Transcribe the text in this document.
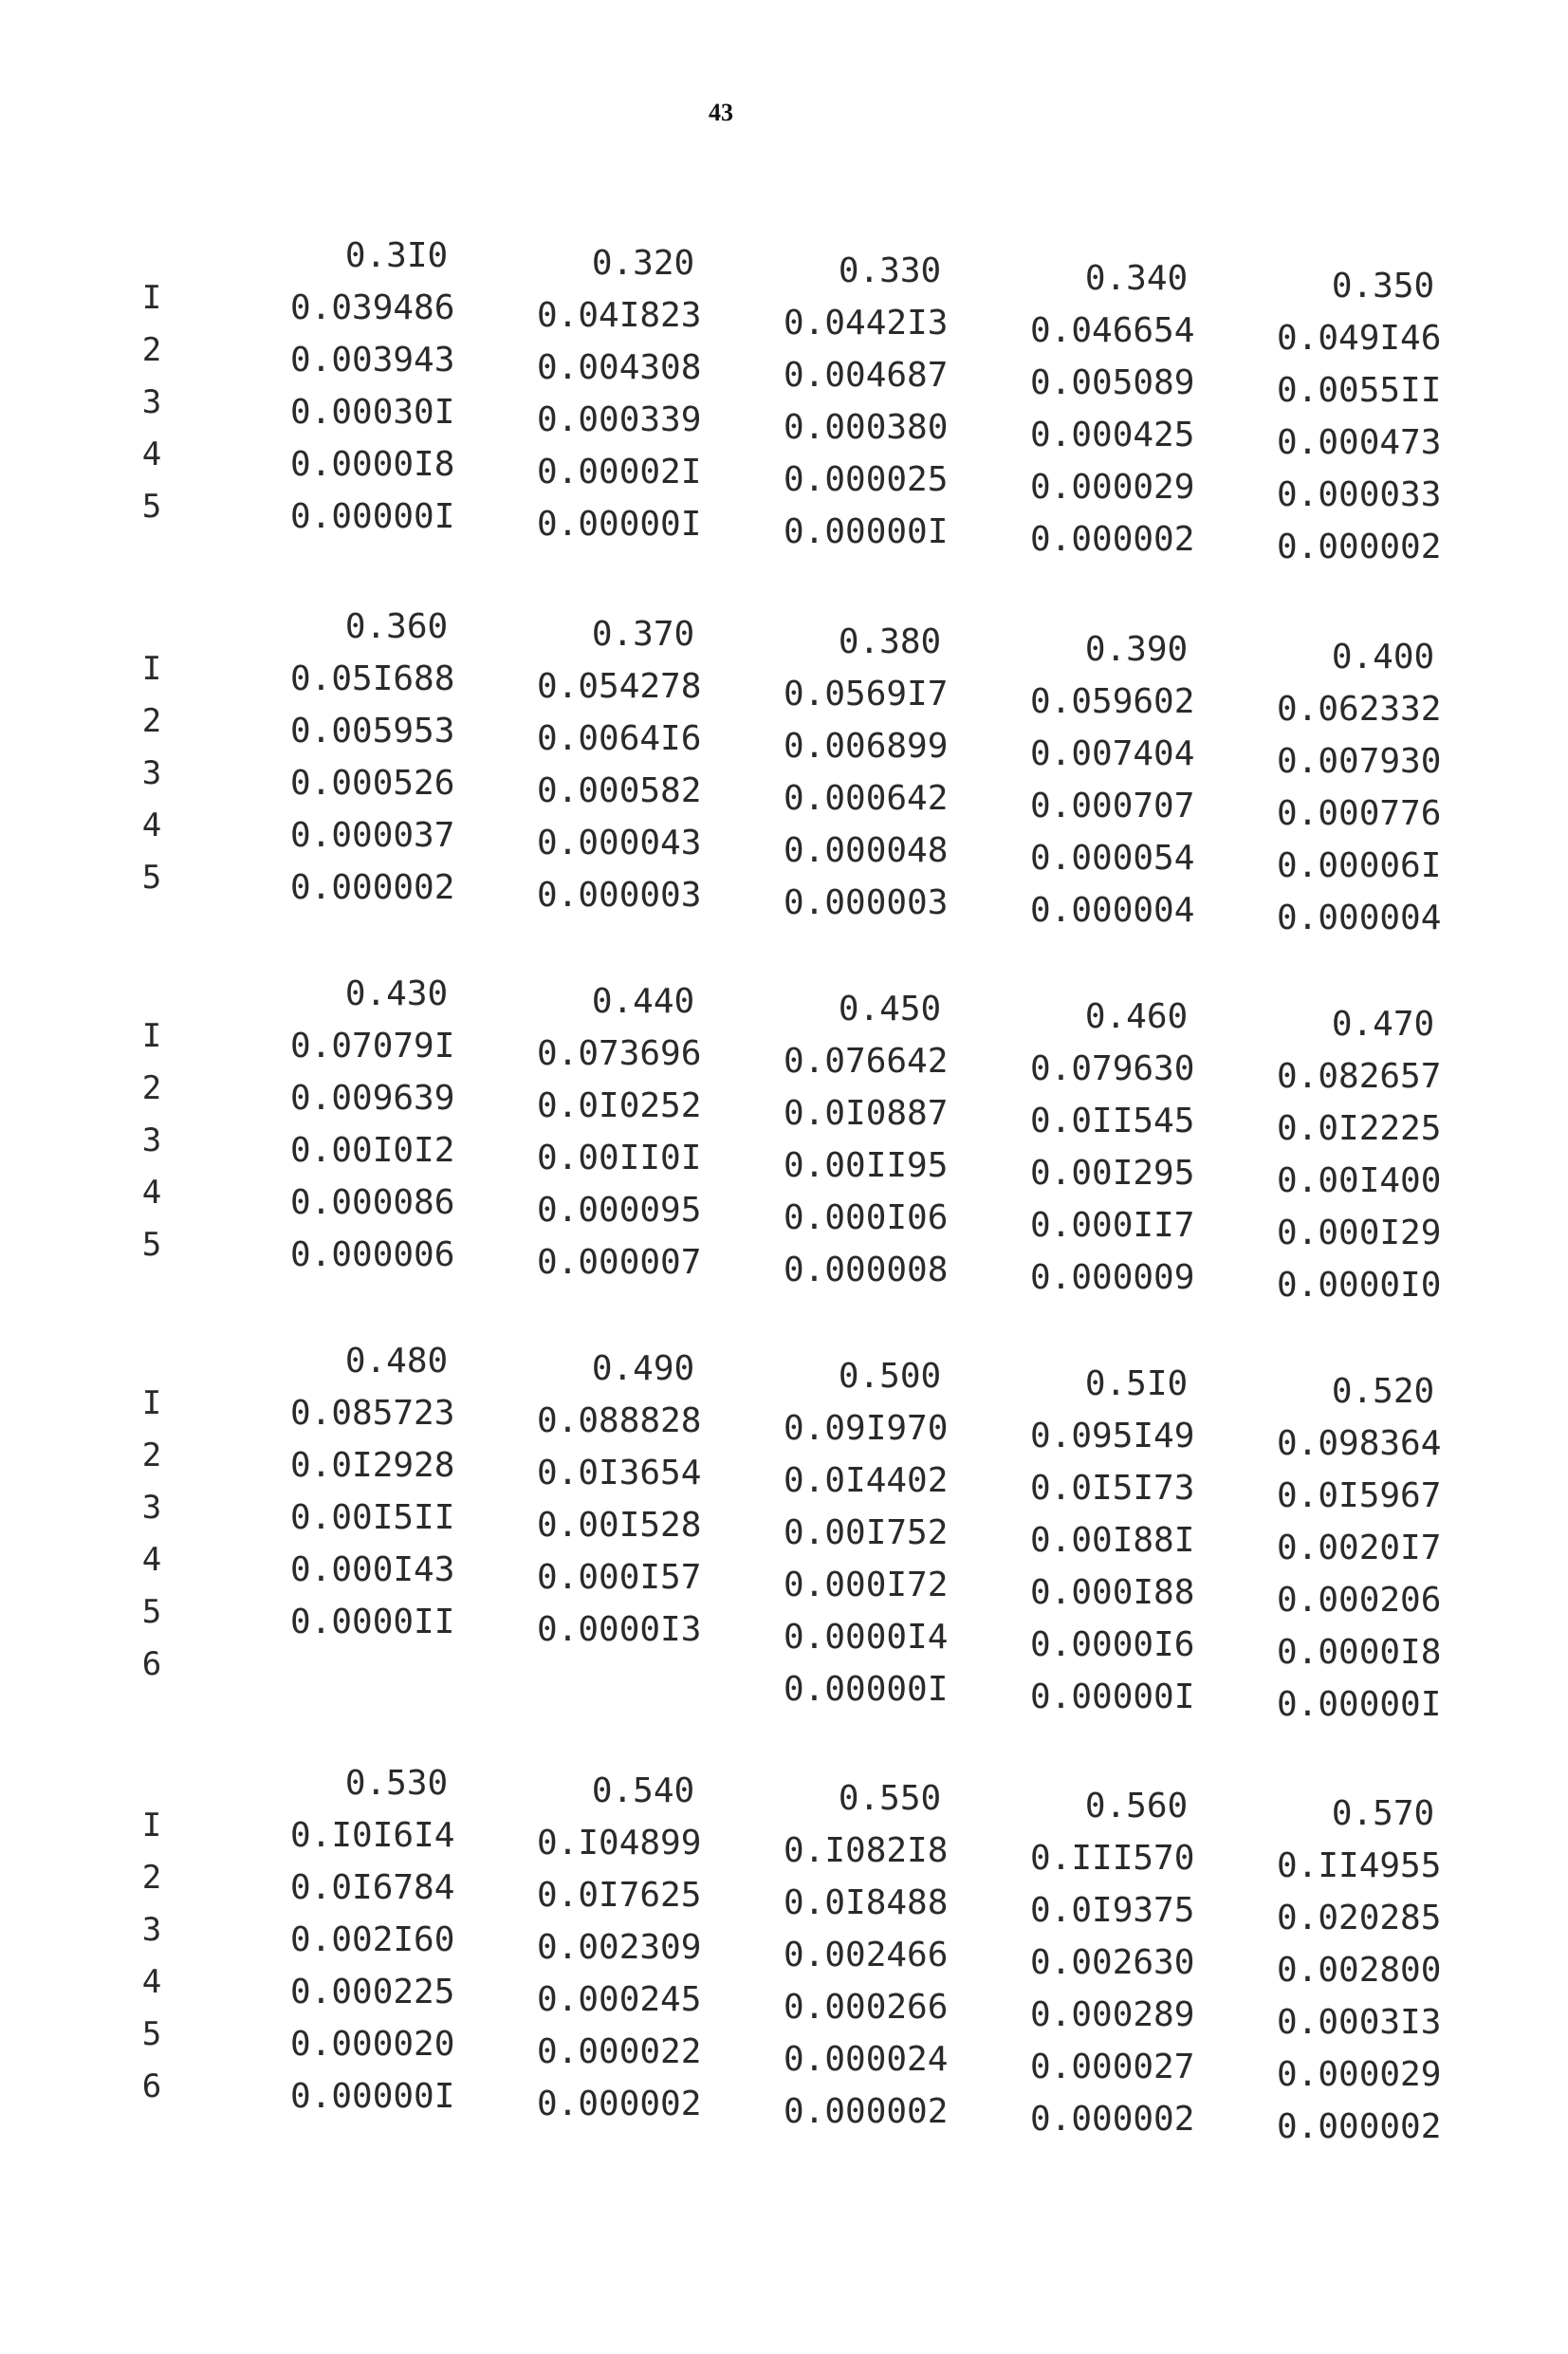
43
I
2
3
4
5
0.3I0
0.039486
0.003943
0.00030I
0.0000I8
0.00000I
0.320
0.04I823
0.004308
0.000339
0.00002I
0.00000I
0.330
0.0442I3
0.004687
0.000380
0.000025
0.00000I
0.340
0.046654
0.005089
0.000425
0.000029
0.000002
0.350
0.049I46
0.0055II
0.000473
0.000033
0.000002
I
2
3
4
5
0.360
0.05I688
0.005953
0.000526
0.000037
0.000002
0.370
0.054278
0.0064I6
0.000582
0.000043
0.000003
0.380
0.0569I7
0.006899
0.000642
0.000048
0.000003
0.390
0.059602
0.007404
0.000707
0.000054
0.000004
0.400
0.062332
0.007930
0.000776
0.00006I
0.000004
I
2
3
4
5
0.430
0.07079I
0.009639
0.00I0I2
0.000086
0.000006
0.440
0.073696
0.0I0252
0.00II0I
0.000095
0.000007
0.450
0.076642
0.0I0887
0.00II95
0.000I06
0.000008
0.460
0.079630
0.0II545
0.00I295
0.000II7
0.000009
0.470
0.082657
0.0I2225
0.00I400
0.000I29
0.0000I0
I
2
3
4
5
6
0.480
0.085723
0.0I2928
0.00I5II
0.000I43
0.0000II
0.490
0.088828
0.0I3654
0.00I528
0.000I57
0.0000I3
0.500
0.09I970
0.0I4402
0.00I752
0.000I72
0.0000I4
0.00000I
0.5I0
0.095I49
0.0I5I73
0.00I88I
0.000I88
0.0000I6
0.00000I
0.520
0.098364
0.0I5967
0.0020I7
0.000206
0.0000I8
0.00000I
I
2
3
4
5
6
0.530
0.I0I6I4
0.0I6784
0.002I60
0.000225
0.000020
0.00000I
0.540
0.I04899
0.0I7625
0.002309
0.000245
0.000022
0.000002
0.550
0.I082I8
0.0I8488
0.002466
0.000266
0.000024
0.000002
0.560
0.III570
0.0I9375
0.002630
0.000289
0.000027
0.000002
0.570
0.II4955
0.020285
0.002800
0.0003I3
0.000029
0.000002
